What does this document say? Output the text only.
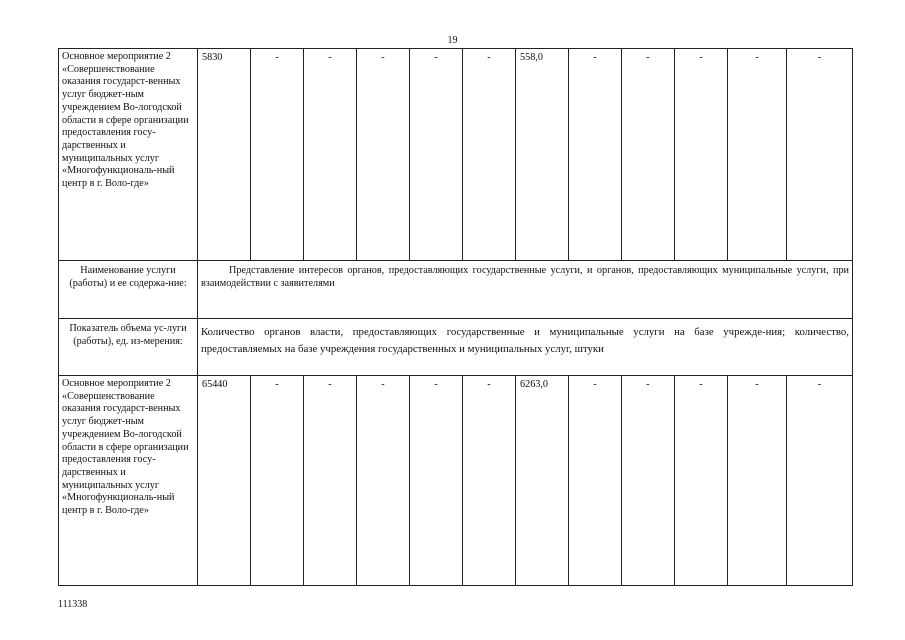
19
Основное мероприятие 2 «Совершенствование оказания государст-венных услуг бюджет-ным учреждением Во-логодской области в сфере организации предоставления госу-дарственных и муниципальных услуг «Многофункциональ-ный центр в г. Воло-где»	5830	-	-	-	-	-	558,0	-	-	-	-	-
Наименование услуги (работы) и ее содержа-ние:	Представление интересов органов, предоставляющих государственные услуги, и органов, предоставляющих муниципальные услуги, при взаимодействии с заявителями											
Показатель объема ус-луги (работы), ед. из-мерения:	Количество органов власти, предоставляющих государственные и муниципальные услуги на базе учрежде-ния; количество, предоставляемых на базе учреждения государственных и муниципальных услуг, штуки											
Основное мероприятие 2 «Совершенствование оказания государст-венных услуг бюджет-ным учреждением Во-логодской области в сфере организации предоставления госу-дарственных и муниципальных услуг «Многофункциональ-ный центр в г. Воло-где»	65440	-	-	-	-	-	6263,0	-	-	-	-	-
111338
